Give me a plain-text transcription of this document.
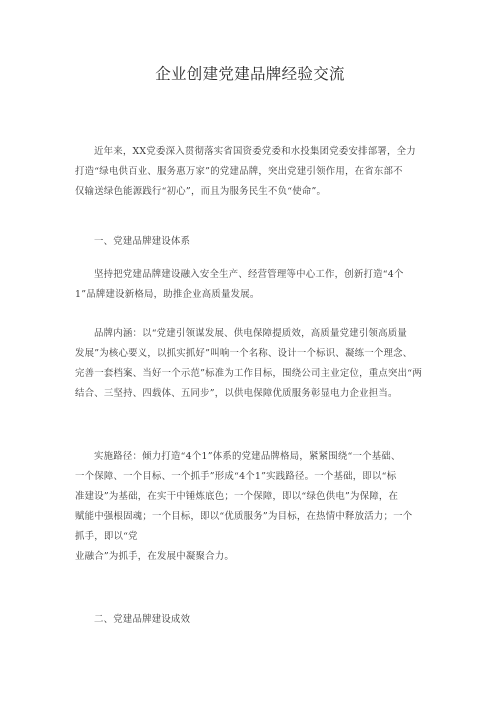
企业创建党建品牌经验交流
近年来，XX党委深入贯彻落实省国资委党委和水投集团党委安排部署，全力
打造“绿电供百业、服务惠万家”的党建品牌，突出党建引领作用，在省东部不
仅输送绿色能源践行“初心”，而且为服务民生不负“使命”。
一、党建品牌建设体系
坚持把党建品牌建设融入安全生产、经营管理等中心工作，创新打造“4个
1”品牌建设新格局，助推企业高质量发展。
品牌内涵：以“党建引领谋发展、供电保障提质效，高质量党建引领高质量
发展”为核心要义，以抓实抓好”叫响一个名称、设计一个标识、凝练一个理念、
完善一套档案、当好一个示范”标准为工作目标，围绕公司主业定位，重点突出“两
结合、三坚持、四载体、五同步”，以供电保障优质服务彰显电力企业担当。
实施路径：倾力打造“4个1”体系的党建品牌格局，紧紧围绕“一个基础、
一个保障、一个目标、一个抓手”形成“4个1”实践路径。一个基础，即以“标
准建设”为基础，在实干中锤炼底色；一个保障，即以“绿色供电”为保障，在
赋能中强根固魂；一个目标，即以“优质服务”为目标，在热情中释放活力；一个
抓手，即以“党
业融合”为抓手，在发展中凝聚合力。
二、党建品牌建设成效
